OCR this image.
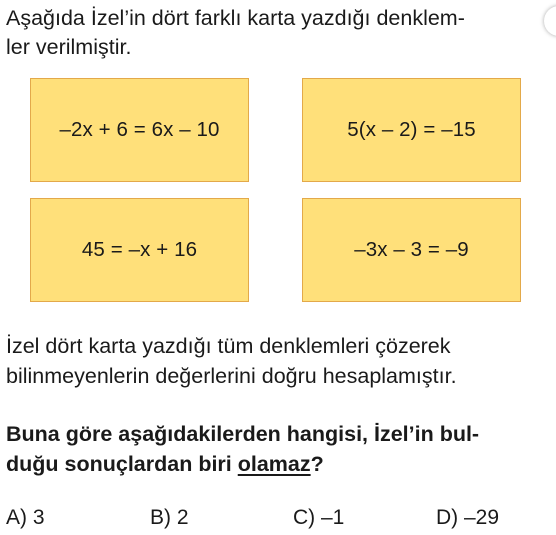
Aşağıda İzel’in dört farklı karta yazdığı denklem-
ler verilmiştir.
–2x + 6 = 6x – 10	5(x – 2) = –15
45 = –x + 16	–3x – 3 = –9
İzel dört karta yazdığı tüm denklemleri çözerek
bilinmeyenlerin değerlerini doğru hesaplamıştır.
Buna göre aşağıdakilerden hangisi, İzel’in bul-
duğu sonuçlardan biri olamaz?
A) 3	B) 2	C) –1	D) –29
